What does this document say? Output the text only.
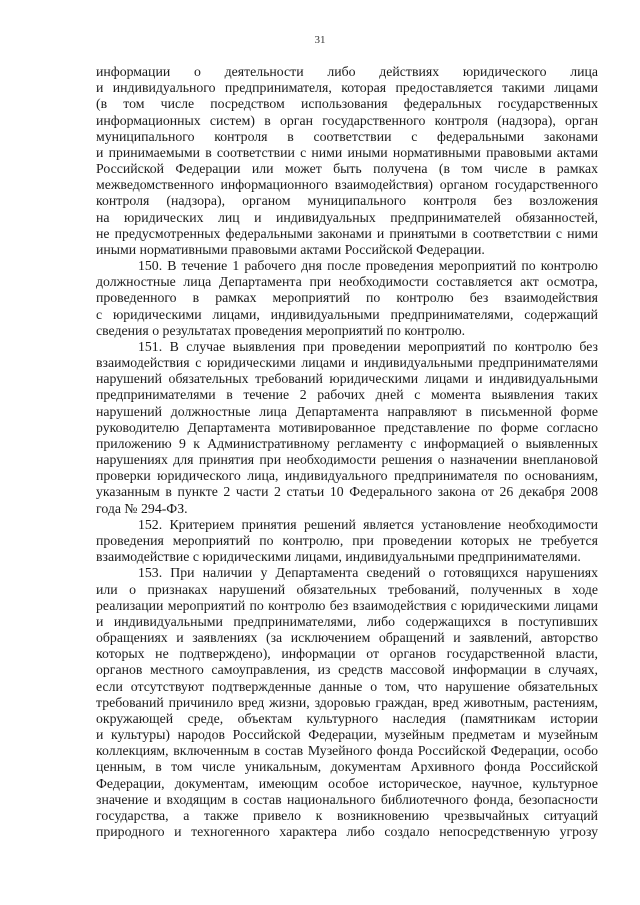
31
информации о деятельности либо действиях юридического лица
и индивидуального предпринимателя, которая предоставляется такими лицами
(в том числе посредством использования федеральных государственных
информационных систем) в орган государственного контроля (надзора), орган
муниципального контроля в соответствии с федеральными законами
и принимаемыми в соответствии с ними иными нормативными правовыми актами
Российской Федерации или может быть получена (в том числе в рамках
межведомственного информационного взаимодействия) органом государственного
контроля (надзора), органом муниципального контроля без возложения
на юридических лиц и индивидуальных предпринимателей обязанностей,
не предусмотренных федеральными законами и принятыми в соответствии с ними
иными нормативными правовыми актами Российской Федерации.
150. В течение 1 рабочего дня после проведения мероприятий по контролю
должностные лица Департамента при необходимости составляется акт осмотра,
проведенного в рамках мероприятий по контролю без взаимодействия
с юридическими лицами, индивидуальными предпринимателями, содержащий
сведения о результатах проведения мероприятий по контролю.
151. В случае выявления при проведении мероприятий по контролю без
взаимодействия с юридическими лицами и индивидуальными предпринимателями
нарушений обязательных требований юридическими лицами и индивидуальными
предпринимателями в течение 2 рабочих дней с момента выявления таких
нарушений должностные лица Департамента направляют в письменной форме
руководителю Департамента мотивированное представление по форме согласно
приложению 9 к Административному регламенту с информацией о выявленных
нарушениях для принятия при необходимости решения о назначении внеплановой
проверки юридического лица, индивидуального предпринимателя по основаниям,
указанным в пункте 2 части 2 статьи 10 Федерального закона от 26 декабря 2008
года № 294-ФЗ.
152. Критерием принятия решений является установление необходимости
проведения мероприятий по контролю, при проведении которых не требуется
взаимодействие с юридическими лицами, индивидуальными предпринимателями.
153. При наличии у Департамента сведений о готовящихся нарушениях
или о признаках нарушений обязательных требований, полученных в ходе
реализации мероприятий по контролю без взаимодействия с юридическими лицами
и индивидуальными предпринимателями, либо содержащихся в поступивших
обращениях и заявлениях (за исключением обращений и заявлений, авторство
которых не подтверждено), информации от органов государственной власти,
органов местного самоуправления, из средств массовой информации в случаях,
если отсутствуют подтвержденные данные о том, что нарушение обязательных
требований причинило вред жизни, здоровью граждан, вред животным, растениям,
окружающей среде, объектам культурного наследия (памятникам истории
и культуры) народов Российской Федерации, музейным предметам и музейным
коллекциям, включенным в состав Музейного фонда Российской Федерации, особо
ценным, в том числе уникальным, документам Архивного фонда Российской
Федерации, документам, имеющим особое историческое, научное, культурное
значение и входящим в состав национального библиотечного фонда, безопасности
государства, а также привело к возникновению чрезвычайных ситуаций
природного и техногенного характера либо создало непосредственную угрозу
